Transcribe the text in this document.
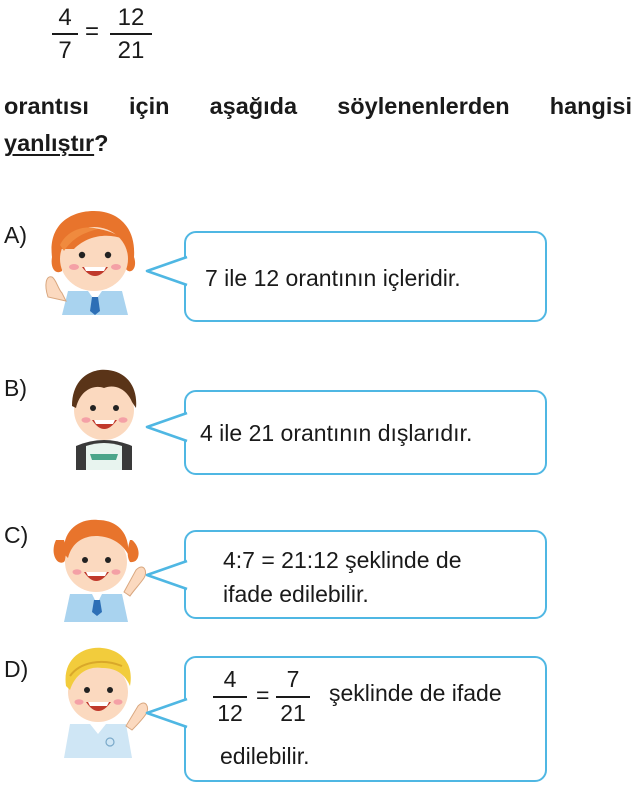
4
7
=
12
21
orantısı için aşağıda söylenenlerden hangisi
yanlıştır?
A)
7 ile 12 orantının içleridir.
B)
4 ile 21 orantının dışlarıdır.
C)
4:7 = 21:12 şeklinde de
ifade edilebilir.
D)	4
12
=
7
21
şeklinde de ifade
edilebilir.
